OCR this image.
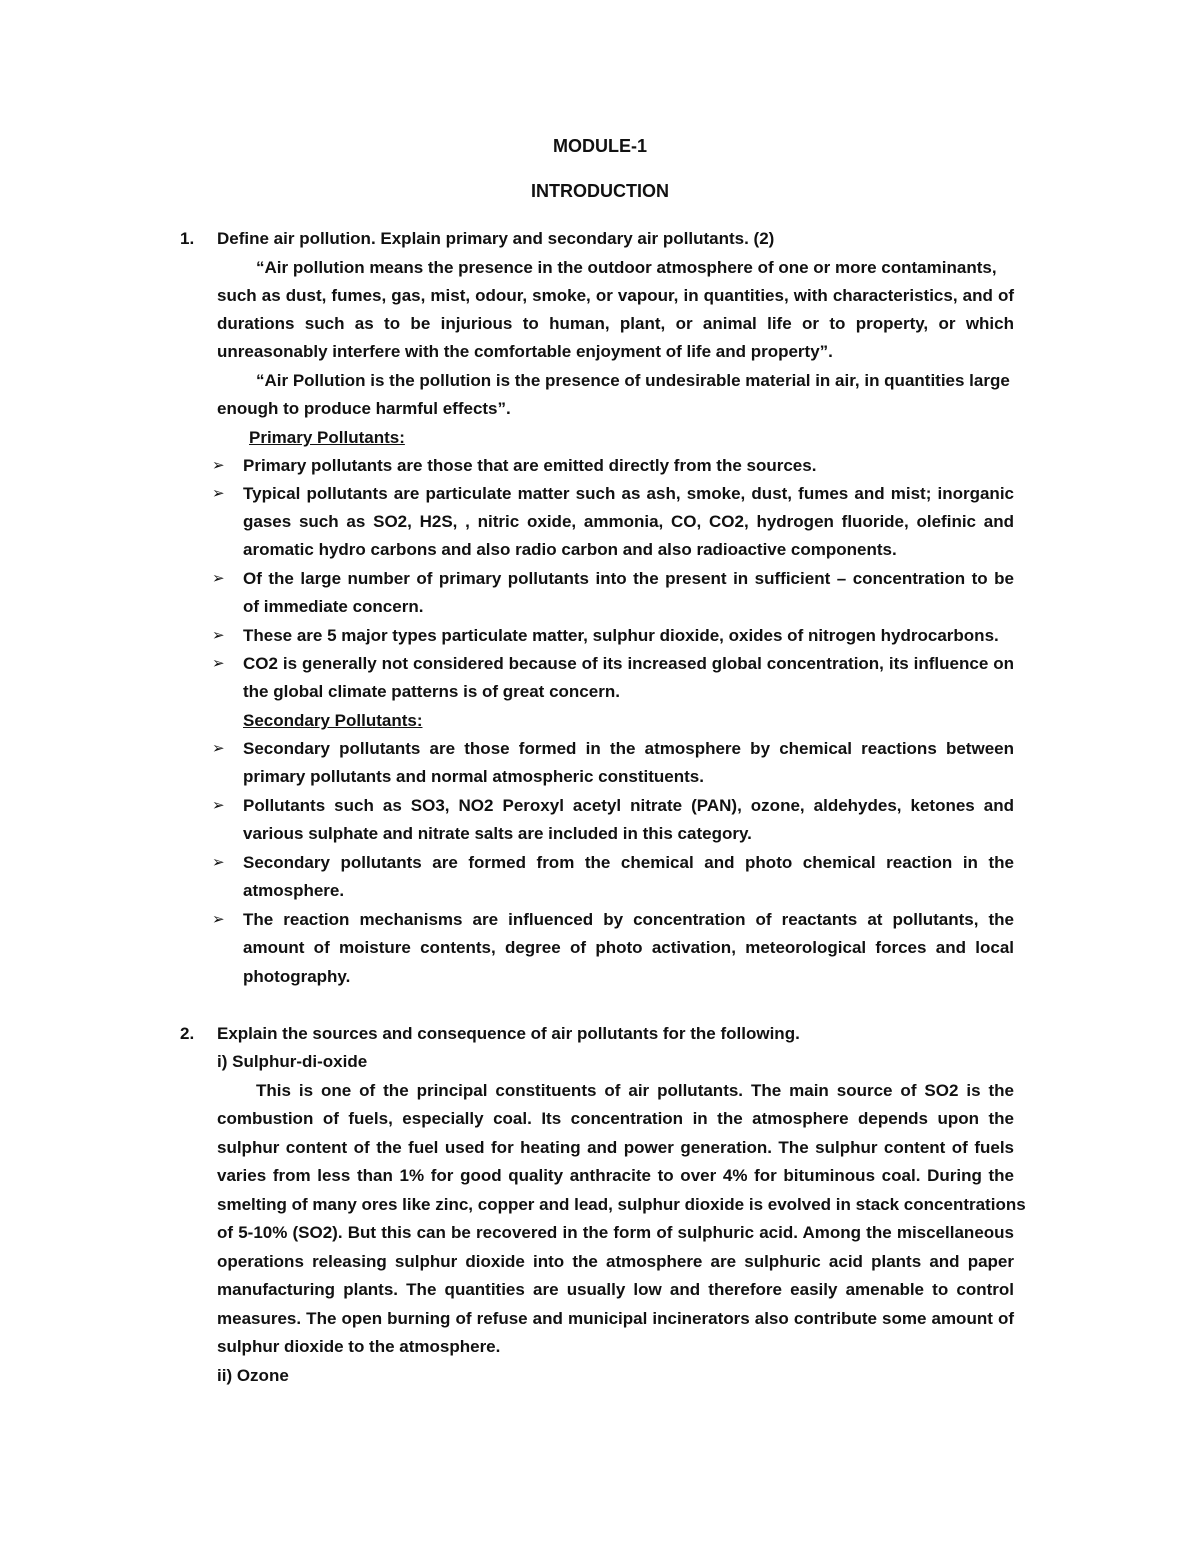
MODULE-1
INTRODUCTION
1. Define air pollution. Explain primary and secondary air pollutants. (2)
“Air pollution means the presence in the outdoor atmosphere of one or more contaminants,
such as dust, fumes, gas, mist, odour, smoke, or vapour, in quantities, with characteristics, and of
durations such as to be injurious to human, plant, or animal life or to property, or which
unreasonably interfere with the comfortable enjoyment of life and property”.
“Air Pollution is the pollution is the presence of undesirable material in air, in quantities large
enough to produce harmful effects”.
Primary Pollutants:
➢ Primary pollutants are those that are emitted directly from the sources.
➢ Typical pollutants are particulate matter such as ash, smoke, dust, fumes and mist; inorganic
gases such as SO2, H2S, , nitric oxide, ammonia, CO, CO2, hydrogen fluoride, olefinic and
aromatic hydro carbons and also radio carbon and also radioactive components.
➢ Of the large number of primary pollutants into the present in sufficient – concentration to be
of immediate concern.
➢ These are 5 major types particulate matter, sulphur dioxide, oxides of nitrogen hydrocarbons.
➢ CO2 is generally not considered because of its increased global concentration, its influence on
the global climate patterns is of great concern.
Secondary Pollutants:
➢ Secondary pollutants are those formed in the atmosphere by chemical reactions between
primary pollutants and normal atmospheric constituents.
➢ Pollutants such as SO3, NO2 Peroxyl acetyl nitrate (PAN), ozone, aldehydes, ketones and
various sulphate and nitrate salts are included in this category.
➢ Secondary pollutants are formed from the chemical and photo chemical reaction in the
atmosphere.
➢ The reaction mechanisms are influenced by concentration of reactants at pollutants, the
amount of moisture contents, degree of photo activation, meteorological forces and local
photography.
2. Explain the sources and consequence of air pollutants for the following.
i) Sulphur-di-oxide
This is one of the principal constituents of air pollutants. The main source of SO2 is the
combustion of fuels, especially coal. Its concentration in the atmosphere depends upon the
sulphur content of the fuel used for heating and power generation. The sulphur content of fuels
varies from less than 1% for good quality anthracite to over 4% for bituminous coal. During the
smelting of many ores like zinc, copper and lead, sulphur dioxide is evolved in stack concentrations
of 5-10% (SO2). But this can be recovered in the form of sulphuric acid. Among the miscellaneous
operations releasing sulphur dioxide into the atmosphere are sulphuric acid plants and paper
manufacturing plants. The quantities are usually low and therefore easily amenable to control
measures. The open burning of refuse and municipal incinerators also contribute some amount of
sulphur dioxide to the atmosphere.
ii) Ozone
